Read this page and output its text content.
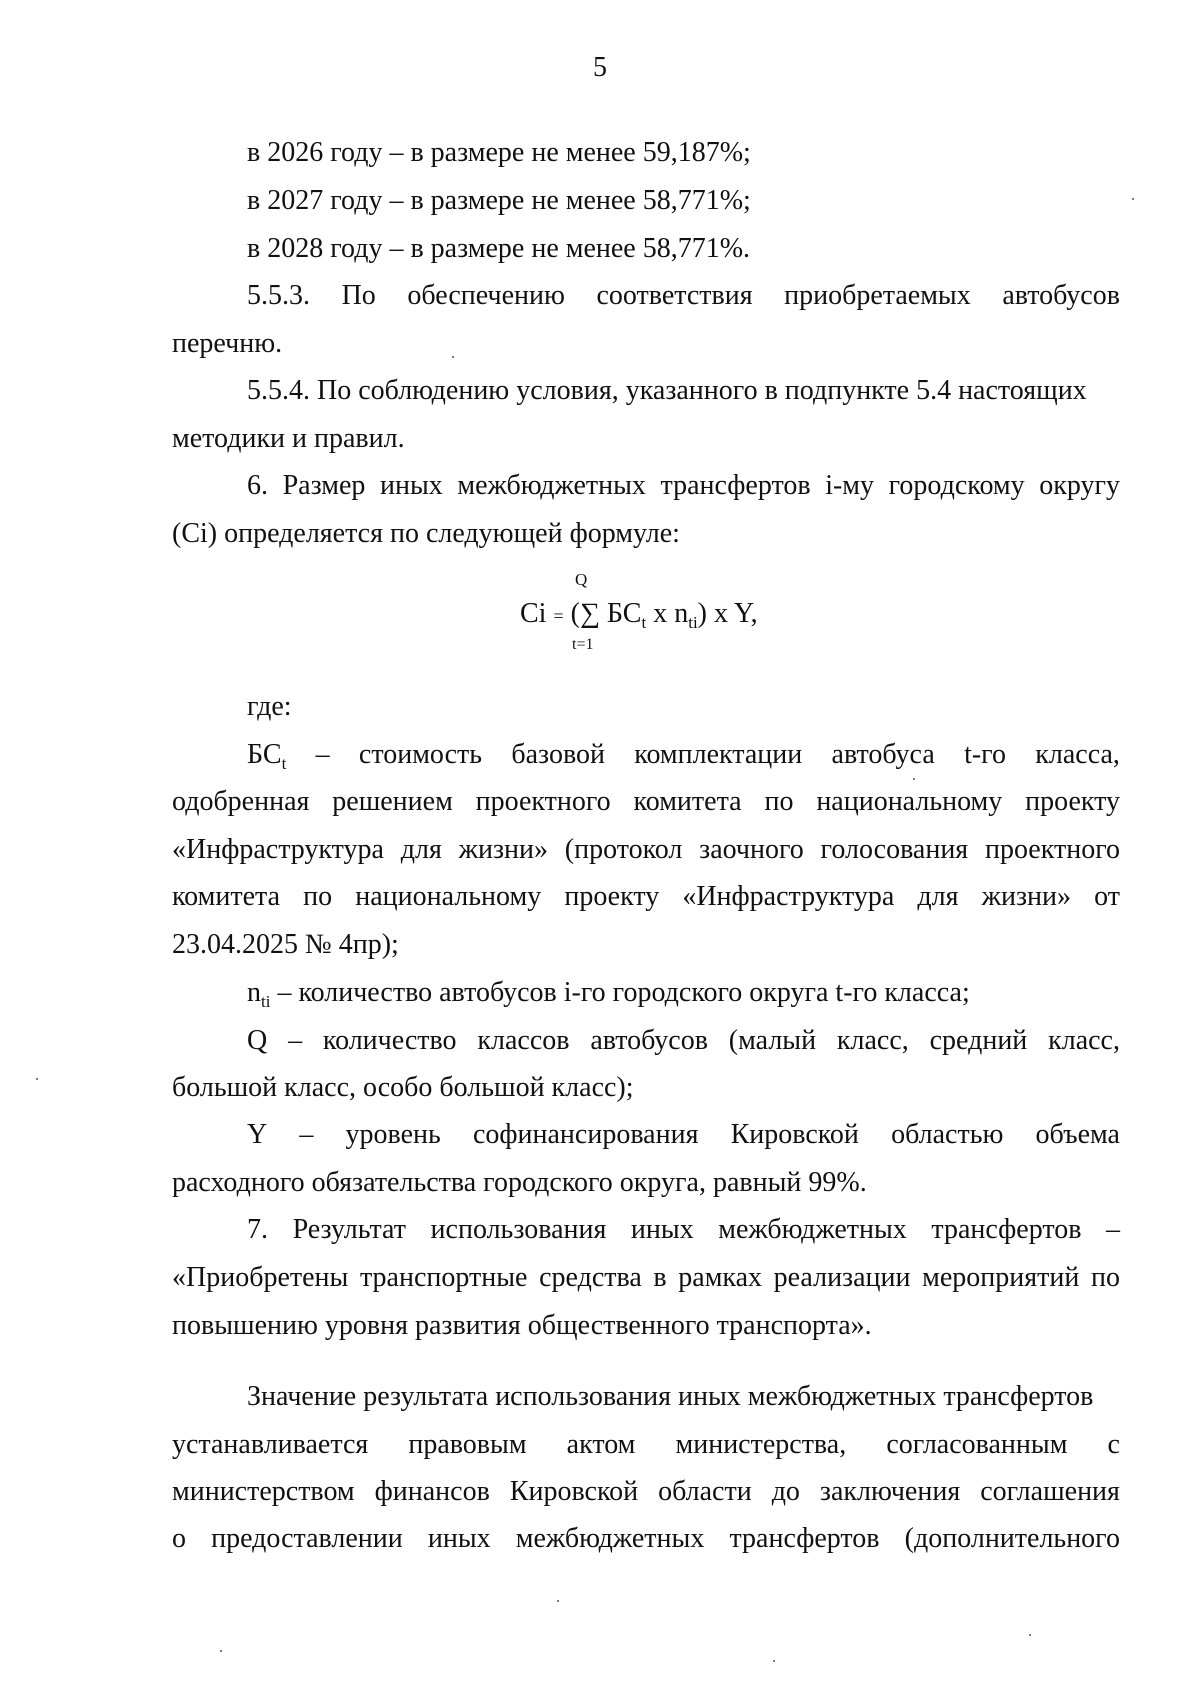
5
в 2026 году – в размере не менее 59,187%;
в 2027 году – в размере не менее 58,771%;
в 2028 году – в размере не менее 58,771%.
5.5.3. По обеспечению соответствия приобретаемых автобусов
перечню.
5.5.4. По соблюдению условия, указанного в подпункте 5.4 настоящих
методики и правил.
6. Размер иных межбюджетных трансфертов i-му городскому округу
(Ci) определяется по следующей формуле:
Q
Ci = (∑ $БС_t$ x $n_{ti}$) x Y,
t=1
где:
$БС_t$ – стоимость базовой комплектации автобуса t-го класса,
одобренная решением проектного комитета по национальному проекту
«Инфраструктура для жизни» (протокол заочного голосования проектного
комитета по национальному проекту «Инфраструктура для жизни» от
23.04.2025 № 4пр);
$n_{ti}$ – количество автобусов i-го городского округа t-го класса;
Q – количество классов автобусов (малый класс, средний класс,
большой класс, особо большой класс);
Y – уровень софинансирования Кировской областью объема
расходного обязательства городского округа, равный 99%.
7. Результат использования иных межбюджетных трансфертов –
«Приобретены транспортные средства в рамках реализации мероприятий по
повышению уровня развития общественного транспорта».
Значение результата использования иных межбюджетных трансфертов
устанавливается правовым актом министерства, согласованным с
министерством финансов Кировской области до заключения соглашения
о предоставлении иных межбюджетных трансфертов (дополнительного
